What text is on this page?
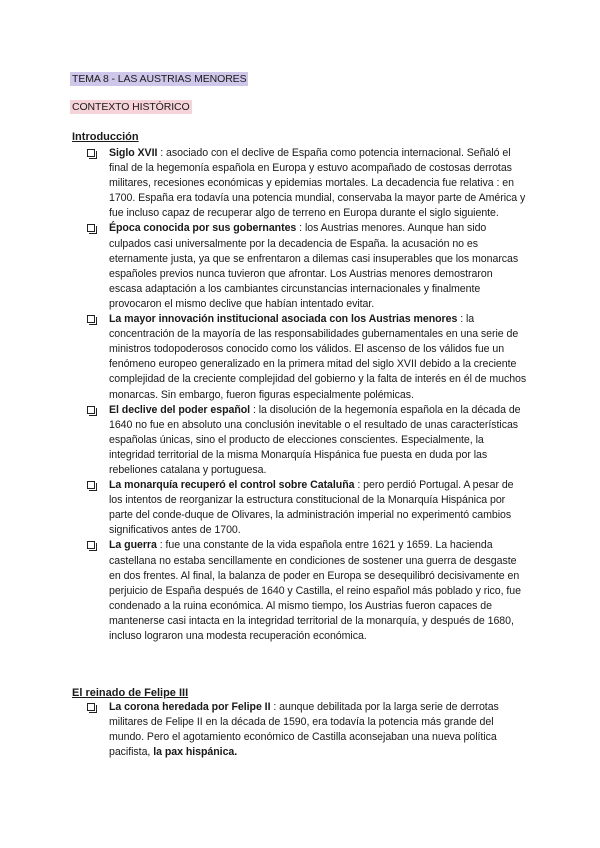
TEMA 8 - LAS AUSTRIAS MENORES
CONTEXTO HISTÓRICO
Introducción
Siglo XVII : asociado con el declive de España como potencia internacional. Señaló el final de la hegemonía española en Europa y estuvo acompañado de costosas derrotas militares, recesiones económicas y epidemias mortales. La decadencia fue relativa : en 1700. España era todavía una potencia mundial, conservaba la mayor parte de América y fue incluso capaz de recuperar algo de terreno en Europa durante el siglo siguiente.
Época conocida por sus gobernantes : los Austrias menores. Aunque han sido culpados casi universalmente por la decadencia de España. la acusación no es eternamente justa, ya que se enfrentaron a dilemas casi insuperables que los monarcas españoles previos nunca tuvieron que afrontar. Los Austrias menores demostraron escasa adaptación a los cambiantes circunstancias internacionales y finalmente provocaron el mismo declive que habían intentado evitar.
La mayor innovación institucional asociada con los Austrias menores : la concentración de la mayoría de las responsabilidades gubernamentales en una serie de ministros todopoderosos conocido como los válidos. El ascenso de los válidos fue un fenómeno europeo generalizado en la primera mitad del siglo XVII debido a la creciente complejidad de la creciente complejidad del gobierno y la falta de interés en él de muchos monarcas. Sin embargo, fueron figuras especialmente polémicas.
El declive del poder español : la disolución de la hegemonía española en la década de 1640 no fue en absoluto una conclusión inevitable o el resultado de unas características españolas únicas, sino el producto de elecciones conscientes. Especialmente, la integridad territorial de la misma Monarquía Hispánica fue puesta en duda por las rebeliones catalana y portuguesa.
La monarquía recuperó el control sobre Cataluña : pero perdió Portugal. A pesar de los intentos de reorganizar la estructura constitucional de la Monarquía Hispánica por parte del conde-duque de Olivares, la administración imperial no experimentó cambios significativos antes de 1700.
La guerra : fue una constante de la vida española entre 1621 y 1659. La hacienda castellana no estaba sencillamente en condiciones de sostener una guerra de desgaste en dos frentes. Al final, la balanza de poder en Europa se desequilibró decisivamente en perjuicio de España después de 1640 y Castilla, el reino español más poblado y rico, fue condenado a la ruina económica. Al mismo tiempo, los Austrias fueron capaces de mantenerse casi intacta en la integridad territorial de la monarquía, y después de 1680, incluso lograron una modesta recuperación económica.
El reinado de Felipe III
La corona heredada por Felipe II : aunque debilitada por la larga serie de derrotas militares de Felipe II en la década de 1590, era todavía la potencia más grande del mundo. Pero el agotamiento económico de Castilla aconsejaban una nueva política pacifista, la pax hispánica.
